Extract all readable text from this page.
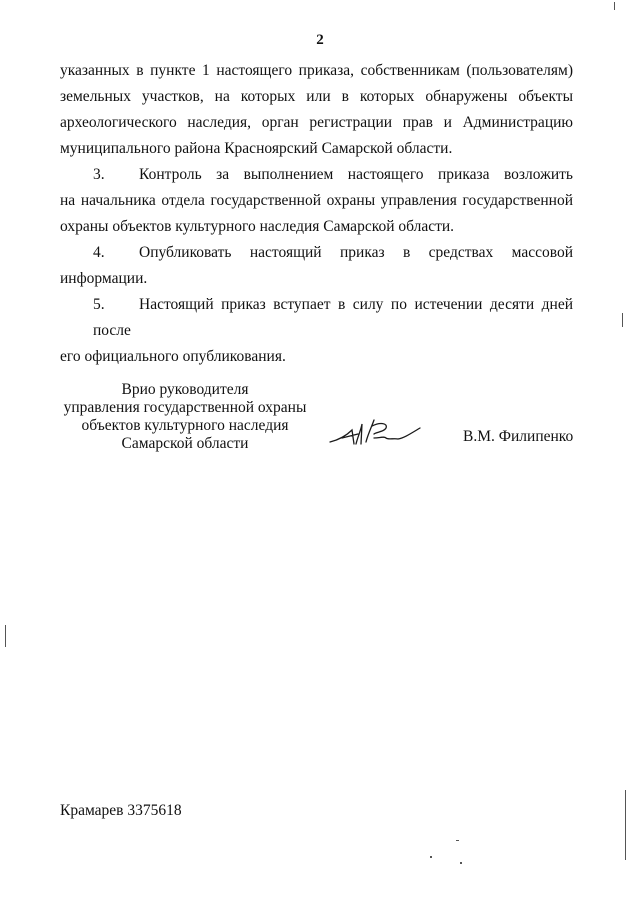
2

указанных в пункте 1 настоящего приказа, собственникам (пользователям)
земельных участков, на которых или в которых обнаружены объекты
археологического наследия, орган регистрации прав и Администрацию
муниципального района Красноярский Самарской области.

3. Контроль за выполнением настоящего приказа возложить
на начальника отдела государственной охраны управления государственной
охраны объектов культурного наследия Самарской области.

4. Опубликовать настоящий приказ в средствах массовой
информации.

5. Настоящий приказ вступает в силу по истечении десяти дней после
его официального опубликования.

Врио руководителя
управления государственной охраны
объектов культурного наследия
Самарской области	В.М. Филипенко
Крамарев 3375618
